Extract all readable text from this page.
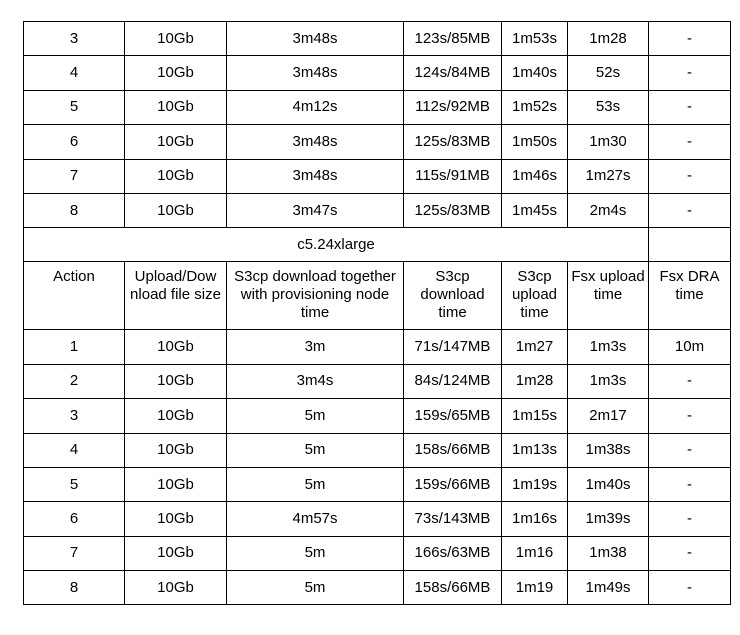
3	10Gb	3m48s	123s/85MB	1m53s	1m28	-
4	10Gb	3m48s	124s/84MB	1m40s	52s	-
5	10Gb	4m12s	112s/92MB	1m52s	53s	-
6	10Gb	3m48s	125s/83MB	1m50s	1m30	-
7	10Gb	3m48s	115s/91MB	1m46s	1m27s	-
8	10Gb	3m47s	125s/83MB	1m45s	2m4s	-
c5.24xlarge						
Action	Upload/Dow nload file size	S3cp download together with provisioning node time	S3cp download time	S3cp upload time	Fsx upload time	Fsx DRA time
1	10Gb	3m	71s/147MB	1m27	1m3s	10m
2	10Gb	3m4s	84s/124MB	1m28	1m3s	-
3	10Gb	5m	159s/65MB	1m15s	2m17	-
4	10Gb	5m	158s/66MB	1m13s	1m38s	-
5	10Gb	5m	159s/66MB	1m19s	1m40s	-
6	10Gb	4m57s	73s/143MB	1m16s	1m39s	-
7	10Gb	5m	166s/63MB	1m16	1m38	-
8	10Gb	5m	158s/66MB	1m19	1m49s	-
